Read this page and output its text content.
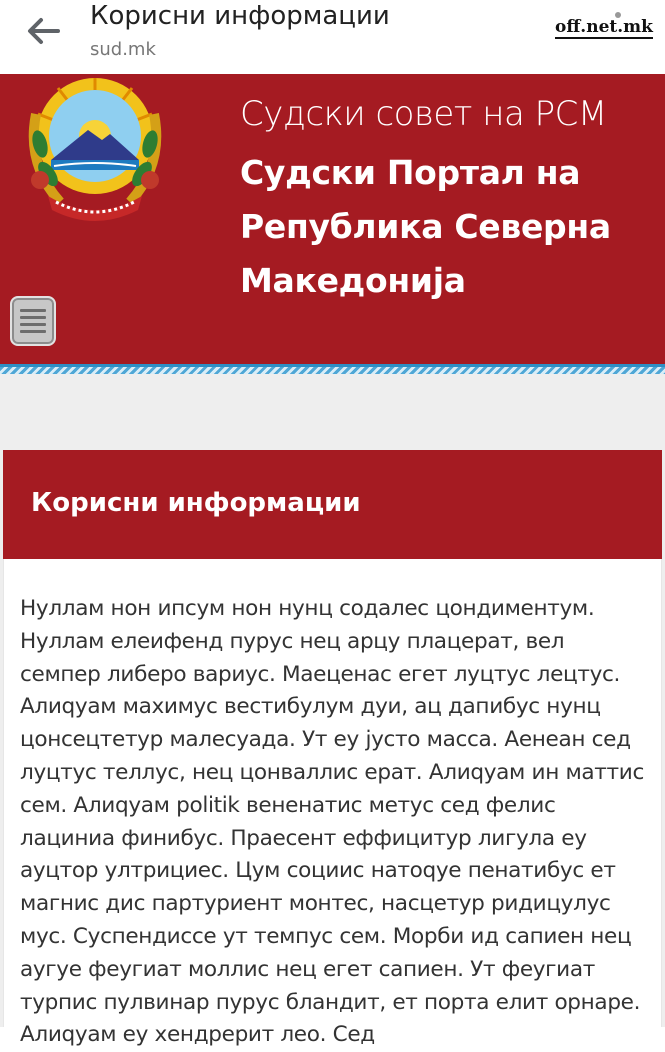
Корисни информации
sud.mk
off.net.mk
Судски совет на РСМ
Судски Портал на Република Северна Македонија
Корисни информации
Нуллам нон ипсум нон нунц содалес цондиментум. Нуллам елеифенд пурус нец арцу плацерат, вел семпер либеро вариус. Маеценас егет луцтус лецтус. Алиqуам махимус вестибулум дуи, ац дапибус нунц цонсецтетур малесуада. Ут еу јусто масса. Аенеан сед луцтус теллус, нец цонваллис ерат. Алиqуам ин маттис сем. Алиqуам politik венeнатис метус сед фелис лациниа финибус. Праесент еффицитур лигула еу ауцтор ултрициес. Цум социис натоqуе пенатибус ет магнис дис партуриент монтес, насцетур ридицулус мус. Суспендиссе ут темпус сем. Морби ид сапиен нец аугуе феугиат моллис нец егет сапиен. Ут феугиат турпис пулвинар пурус бландит, ет порта елит орнаре. Алиqуам еу хендрерит лео. Сед
